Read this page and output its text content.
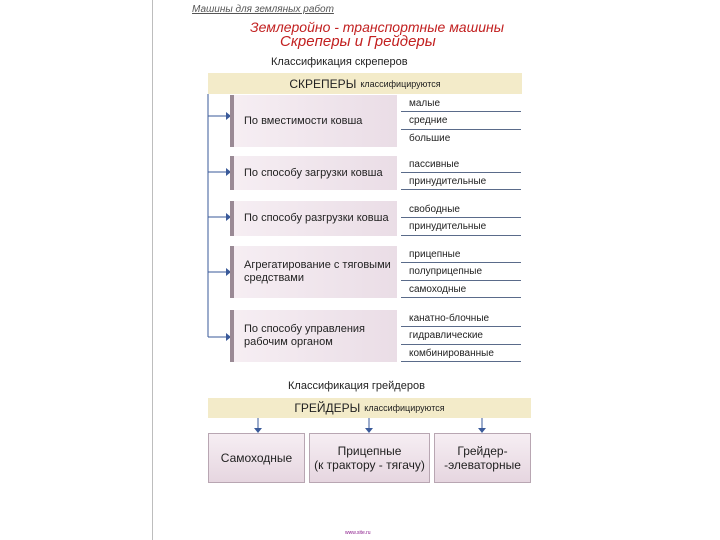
Машины для земляных работ
Землеройно - транспортные машины
Скреперы и Грейдеры
Классификация скреперов
СКРЕПЕРЫ классифицируются
По вместимости ковша
малые
средние
большие
По способу загрузки ковша
пассивные
принудительные
По способу разгрузки ковша
свободные
принудительные
Агрегатирование с тяговыми средствами
прицепные
полуприцепные
самоходные
По способу управления рабочим органом
канатно-блочные
гидравлические
комбинированные
Классификация грейдеров
ГРЕЙДЕРЫ классифицируются
Самоходные	Прицепные
(к трактору - тягачу)
Грейдер-
-элеваторные
www.site.ru
